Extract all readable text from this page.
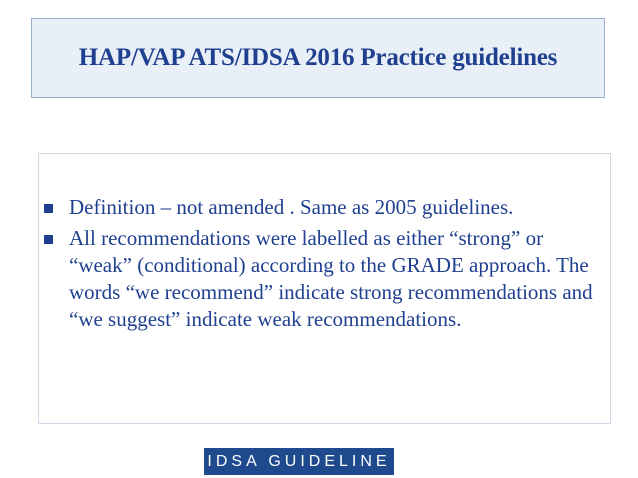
HAP/VAP ATS/IDSA 2016 Practice guidelines
Definition – not amended . Same as 2005 guidelines.
All recommendations were labelled as either “strong” or “weak” (conditional) according to the GRADE approach. The words “we recommend” indicate strong recommendations and “we suggest” indicate weak recommendations.
IDSA GUIDELINE
